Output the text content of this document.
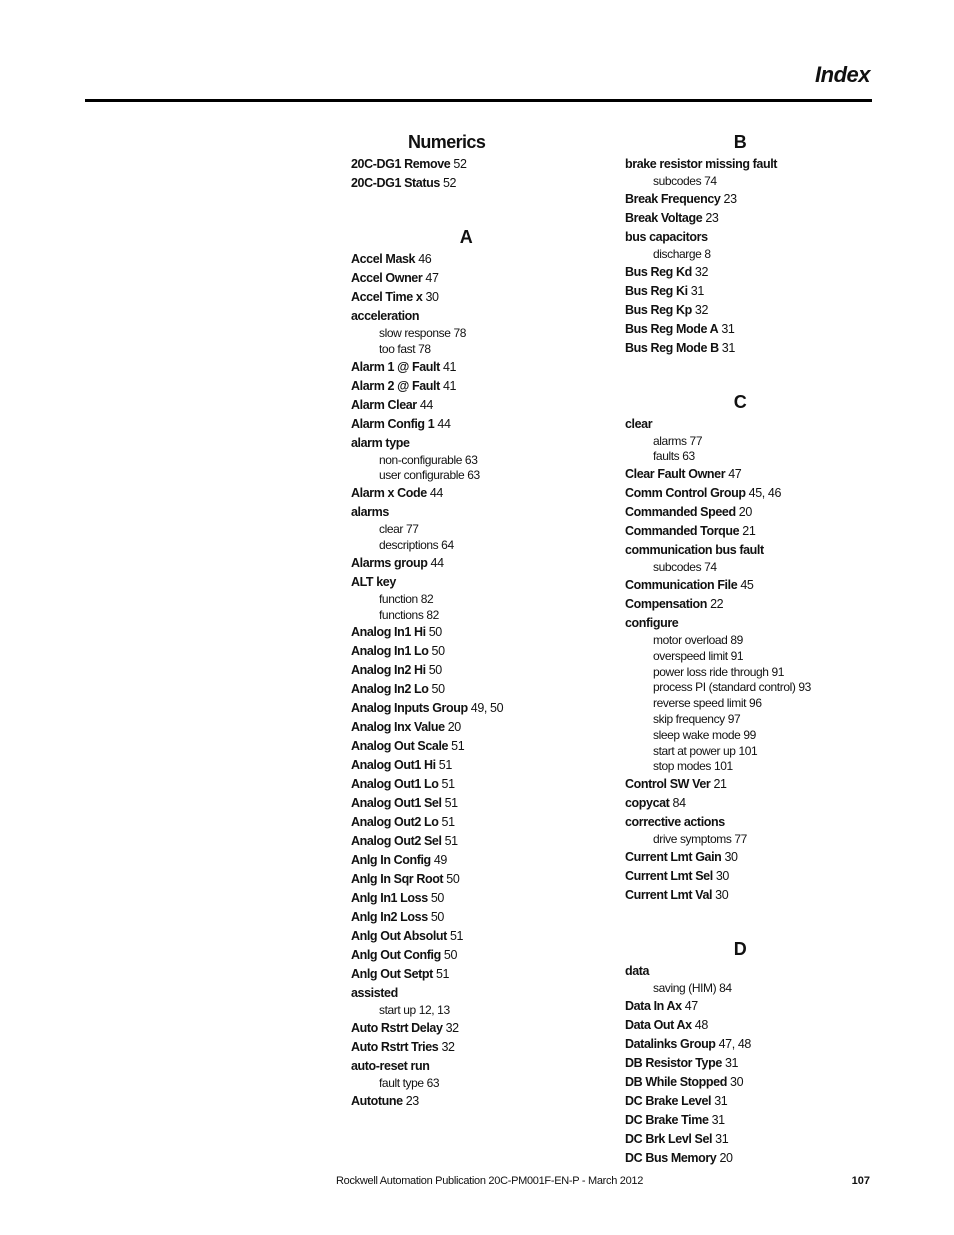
Index
Numerics
20C-DG1 Remove 52
20C-DG1 Status 52
A
Accel Mask 46
Accel Owner 47
Accel Time x 30
acceleration
slow response 78
too fast 78
Alarm 1 @ Fault 41
Alarm 2 @ Fault 41
Alarm Clear 44
Alarm Config 1 44
alarm type
non-configurable 63
user configurable 63
Alarm x Code 44
alarms
clear 77
descriptions 64
Alarms group 44
ALT key
function 82
functions 82
Analog In1 Hi 50
Analog In1 Lo 50
Analog In2 Hi 50
Analog In2 Lo 50
Analog Inputs Group 49, 50
Analog Inx Value 20
Analog Out Scale 51
Analog Out1 Hi 51
Analog Out1 Lo 51
Analog Out1 Sel 51
Analog Out2 Lo 51
Analog Out2 Sel 51
Anlg In Config 49
Anlg In Sqr Root 50
Anlg In1 Loss 50
Anlg In2 Loss 50
Anlg Out Absolut 51
Anlg Out Config 50
Anlg Out Setpt 51
assisted
start up 12, 13
Auto Rstrt Delay 32
Auto Rstrt Tries 32
auto-reset run
fault type 63
Autotune 23
B
brake resistor missing fault
subcodes 74
Break Frequency 23
Break Voltage 23
bus capacitors
discharge 8
Bus Reg Kd 32
Bus Reg Ki 31
Bus Reg Kp 32
Bus Reg Mode A 31
Bus Reg Mode B 31
C
clear
alarms 77
faults 63
Clear Fault Owner 47
Comm Control Group 45, 46
Commanded Speed 20
Commanded Torque 21
communication bus fault
subcodes 74
Communication File 45
Compensation 22
configure
motor overload 89
overspeed limit 91
power loss ride through 91
process PI (standard control) 93
reverse speed limit 96
skip frequency 97
sleep wake mode 99
start at power up 101
stop modes 101
Control SW Ver 21
copycat 84
corrective actions
drive symptoms 77
Current Lmt Gain 30
Current Lmt Sel 30
Current Lmt Val 30
D
data
saving (HIM) 84
Data In Ax 47
Data Out Ax 48
Datalinks Group 47, 48
DB Resistor Type 31
DB While Stopped 30
DC Brake Level 31
DC Brake Time 31
DC Brk Levl Sel 31
DC Bus Memory 20
Rockwell Automation Publication 20C-PM001F-EN-P - March 2012	107
